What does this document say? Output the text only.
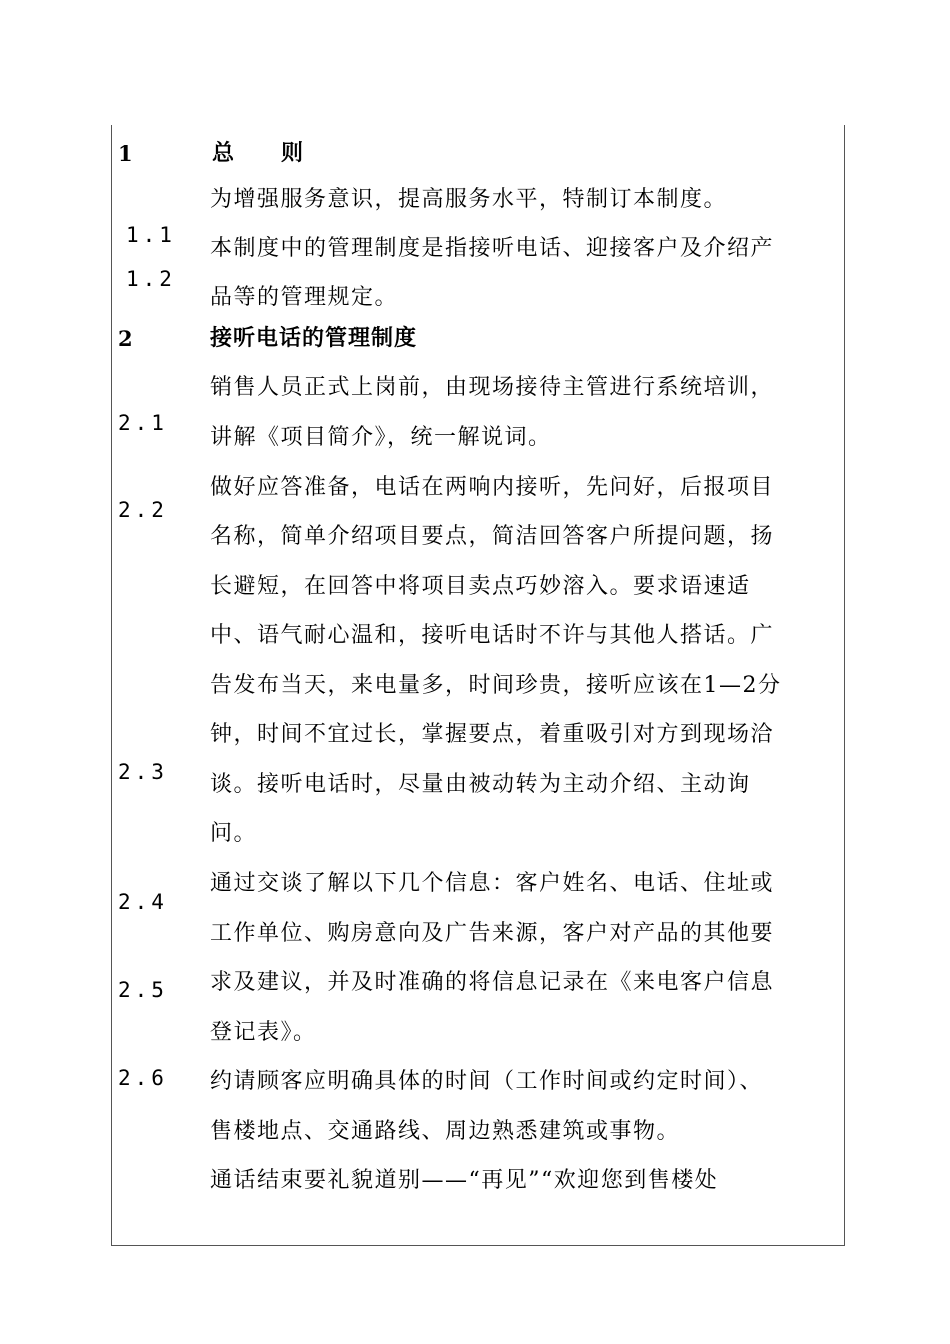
1	总　　则
1.1
1.2
为增强服务意识，提高服务水平，特制订本制度。
本制度中的管理制度是指接听电话、迎接客户及介绍产
品等的管理规定。
2	接听电话的管理制度
2.1
2.2
2.3
2.4
2.5
2.6
销售人员正式上岗前，由现场接待主管进行系统培训，
讲解《项目简介》，统一解说词。
做好应答准备，电话在两响内接听，先问好，后报项目
名称，简单介绍项目要点，简洁回答客户所提问题，扬
长避短，在回答中将项目卖点巧妙溶入。要求语速适
中、语气耐心温和，接听电话时不许与其他人搭话。广
告发布当天，来电量多，时间珍贵，接听应该在1—2分
钟，时间不宜过长，掌握要点，着重吸引对方到现场洽
谈。接听电话时，尽量由被动转为主动介绍、主动询
问。
通过交谈了解以下几个信息：客户姓名、电话、住址或
工作单位、购房意向及广告来源，客户对产品的其他要
求及建议，并及时准确的将信息记录在《来电客户信息
登记表》。
约请顾客应明确具体的时间（工作时间或约定时间）、
售楼地点、交通路线、周边熟悉建筑或事物。
通话结束要礼貌道别——“再见”“欢迎您到售楼处
